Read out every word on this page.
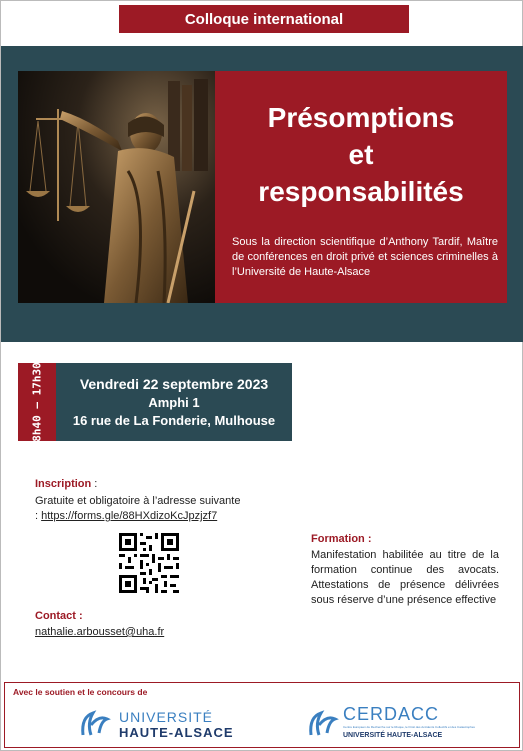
Colloque international
Présomptions
et
responsabilités
Sous la direction scientifique d’Anthony Tardif, Maître de conférences en droit privé et sciences criminelles à l’Université de Haute-Alsace
8h40 – 17h30	Vendredi 22 septembre 2023
Amphi 1
16 rue de La Fonderie, Mulhouse
Inscription :
Gratuite et obligatoire à l’adresse suivante
: https://forms.gle/88HXdizoKcJpzjzf7
Formation :
Manifestation habilitée au titre de la formation continue des avocats. Attestations de présence délivrées sous réserve d’une présence effective
Contact :
nathalie.arbousset@uha.fr
Avec le soutien et le concours de
UNIVERSITÉ
HAUTE-ALSACE
CERDACC
Centre Européen de Recherche sur le Risque, le Droit des Accidents Collectifs et des Catastrophes
UNIVERSITÉ HAUTE-ALSACE
